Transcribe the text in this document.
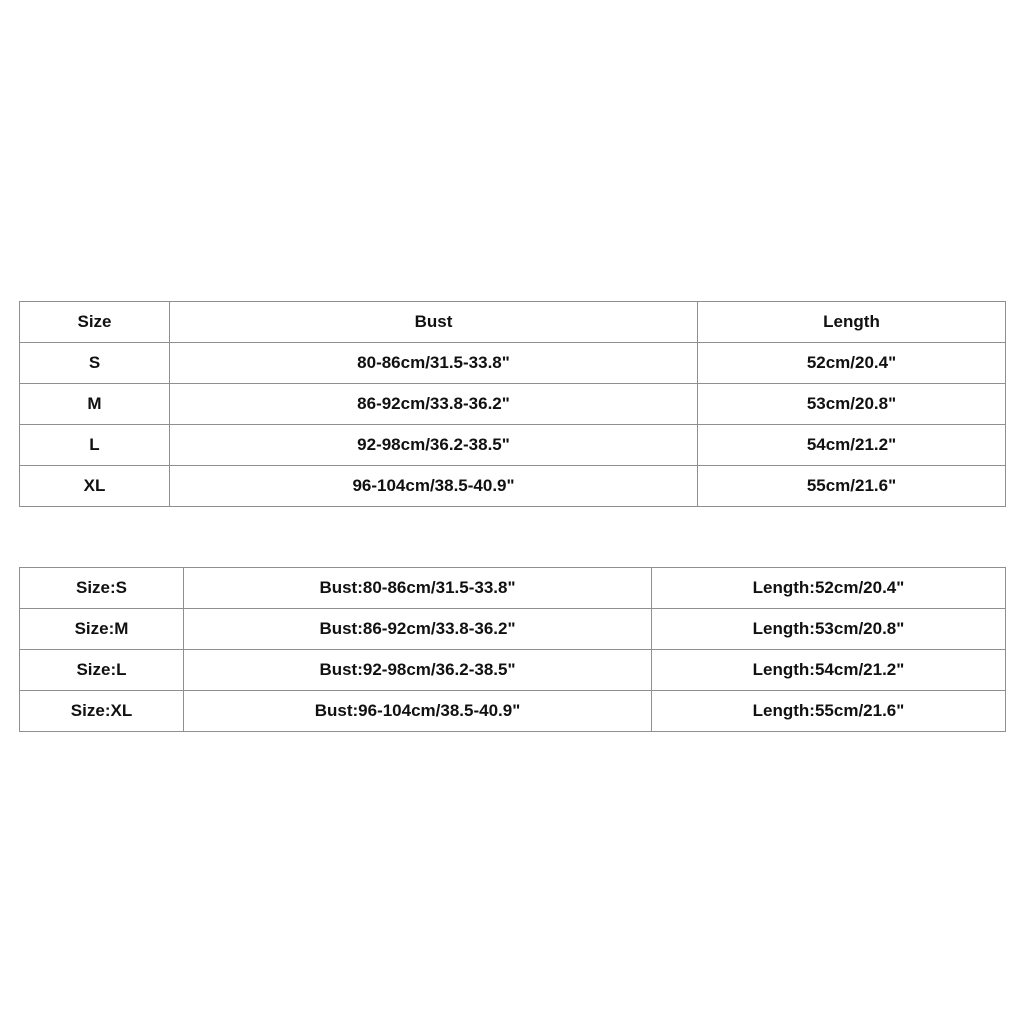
Size	Bust	Length
S	80-86cm/31.5-33.8"	52cm/20.4"
M	86-92cm/33.8-36.2"	53cm/20.8"
L	92-98cm/36.2-38.5"	54cm/21.2"
XL	96-104cm/38.5-40.9"	55cm/21.6"
Size:S	Bust:80-86cm/31.5-33.8"	Length:52cm/20.4"
Size:M	Bust:86-92cm/33.8-36.2"	Length:53cm/20.8"
Size:L	Bust:92-98cm/36.2-38.5"	Length:54cm/21.2"
Size:XL	Bust:96-104cm/38.5-40.9"	Length:55cm/21.6"
